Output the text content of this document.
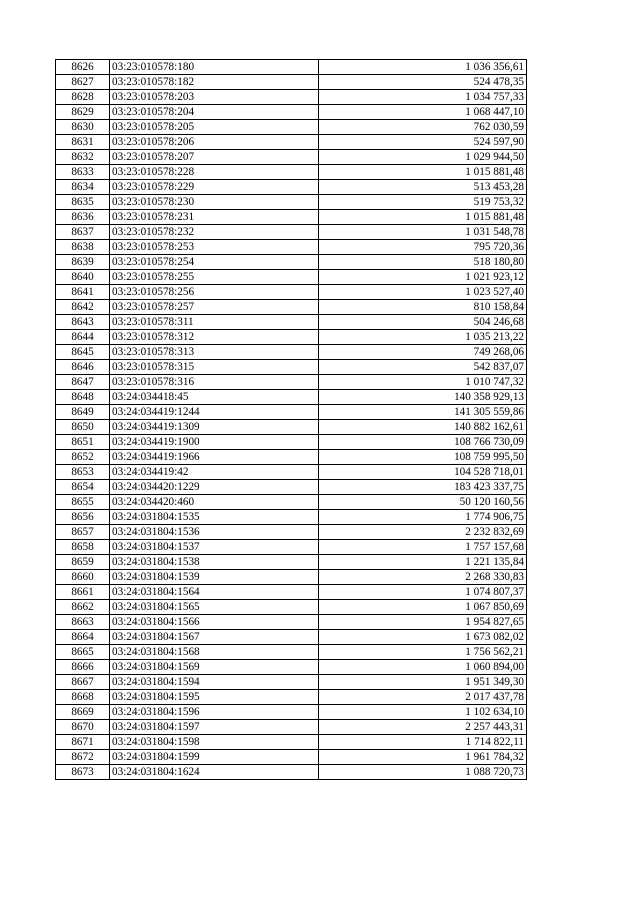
8626	03:23:010578:180	1 036 356,61
8627	03:23:010578:182	524 478,35
8628	03:23:010578:203	1 034 757,33
8629	03:23:010578:204	1 068 447,10
8630	03:23:010578:205	762 030,59
8631	03:23:010578:206	524 597,90
8632	03:23:010578:207	1 029 944,50
8633	03:23:010578:228	1 015 881,48
8634	03:23:010578:229	513 453,28
8635	03:23:010578:230	519 753,32
8636	03:23:010578:231	1 015 881,48
8637	03:23:010578:232	1 031 548,78
8638	03:23:010578:253	795 720,36
8639	03:23:010578:254	518 180,80
8640	03:23:010578:255	1 021 923,12
8641	03:23:010578:256	1 023 527,40
8642	03:23:010578:257	810 158,84
8643	03:23:010578:311	504 246,68
8644	03:23:010578:312	1 035 213,22
8645	03:23:010578:313	749 268,06
8646	03:23:010578:315	542 837,07
8647	03:23:010578:316	1 010 747,32
8648	03:24:034418:45	140 358 929,13
8649	03:24:034419:1244	141 305 559,86
8650	03:24:034419:1309	140 882 162,61
8651	03:24:034419:1900	108 766 730,09
8652	03:24:034419:1966	108 759 995,50
8653	03:24:034419:42	104 528 718,01
8654	03:24:034420:1229	183 423 337,75
8655	03:24:034420:460	50 120 160,56
8656	03:24:031804:1535	1 774 906,75
8657	03:24:031804:1536	2 232 832,69
8658	03:24:031804:1537	1 757 157,68
8659	03:24:031804:1538	1 221 135,84
8660	03:24:031804:1539	2 268 330,83
8661	03:24:031804:1564	1 074 807,37
8662	03:24:031804:1565	1 067 850,69
8663	03:24:031804:1566	1 954 827,65
8664	03:24:031804:1567	1 673 082,02
8665	03:24:031804:1568	1 756 562,21
8666	03:24:031804:1569	1 060 894,00
8667	03:24:031804:1594	1 951 349,30
8668	03:24:031804:1595	2 017 437,78
8669	03:24:031804:1596	1 102 634,10
8670	03:24:031804:1597	2 257 443,31
8671	03:24:031804:1598	1 714 822,11
8672	03:24:031804:1599	1 961 784,32
8673	03:24:031804:1624	1 088 720,73
